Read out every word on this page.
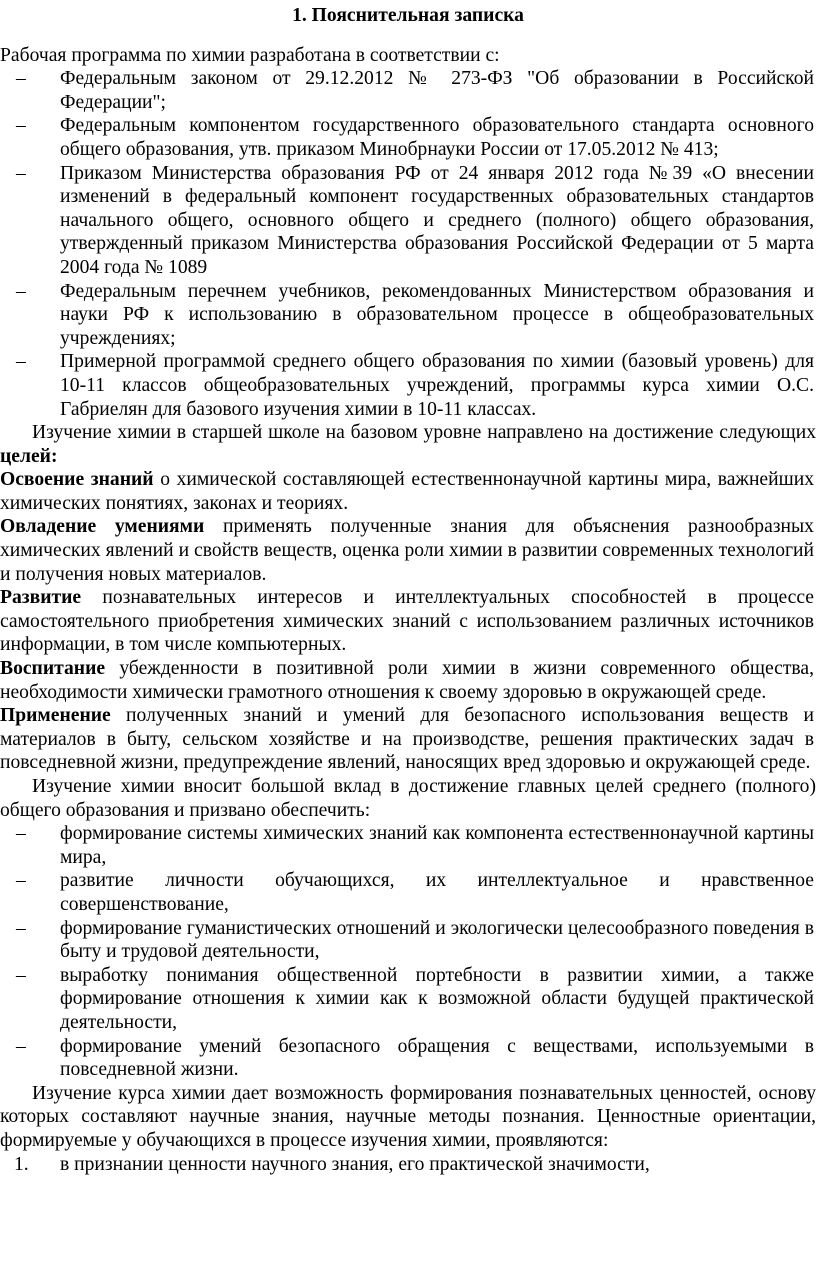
1. Пояснительная записка

Рабочая программа по химии разработана в соответствии с:

– Федеральным законом от 29.12.2012 № 273-ФЗ "Об образовании в Российской Федерации";
– Федеральным компонентом государственного образовательного стандарта основного общего образования, утв. приказом Минобрнауки России от 17.05.2012 № 413;
– Приказом Министерства образования РФ от 24 января 2012 года №39 «О внесении изменений в федеральный компонент государственных образовательных стандартов начального общего, основного общего и среднего (полного) общего образования, утвержденный приказом Министерства образования Российской Федерации от 5 марта 2004 года № 1089
– Федеральным перечнем учебников, рекомендованных Министерством образования и науки РФ к использованию в образовательном процессе в общеобразовательных учреждениях;
– Примерной программой среднего общего образования по химии (базовый уровень) для 10-11 классов общеобразовательных учреждений, программы курса химии О.С. Габриелян для базового изучения химии в 10-11 классах.

Изучение химии в старшей школе на базовом уровне направлено на достижение следующих целей:

Освоение знаний о химической составляющей естественнонаучной картины мира, важнейших химических понятиях, законах и теориях.

Овладение умениями применять полученные знания для объяснения разнообразных химических явлений и свойств веществ, оценка роли химии в развитии современных технологий и получения новых материалов.

Развитие познавательных интересов и интеллектуальных способностей в процессе самостоятельного приобретения химических знаний с использованием различных источников информации, в том числе компьютерных.

Воспитание убежденности в позитивной роли химии в жизни современного общества, необходимости химически грамотного отношения к своему здоровью в окружающей среде.

Применение полученных знаний и умений для безопасного использования веществ и материалов в быту, сельском хозяйстве и на производстве, решения практических задач в повседневной жизни, предупреждение явлений, наносящих вред здоровью и окружающей среде.

Изучение химии вносит большой вклад в достижение главных целей среднего (полного) общего образования и призвано обеспечить:

– формирование системы химических знаний как компонента естественнонаучной картины мира,
– развитие личности обучающихся, их интеллектуальное и нравственное совершенствование,
– формирование гуманистических отношений и экологически целесообразного поведения в быту и трудовой деятельности,
– выработку понимания общественной портебности в развитии химии, а также формирование отношения к химии как к возможной области будущей практической деятельности,
– формирование умений безопасного обращения с веществами, используемыми в повседневной жизни.

Изучение курса химии дает возможность формирования познавательных ценностей, основу которых составляют научные знания, научные методы познания. Ценностные ориентации, формируемые у обучающихся в процессе изучения химии, проявляются:

1. в признании ценности научного знания, его практической значимости,
